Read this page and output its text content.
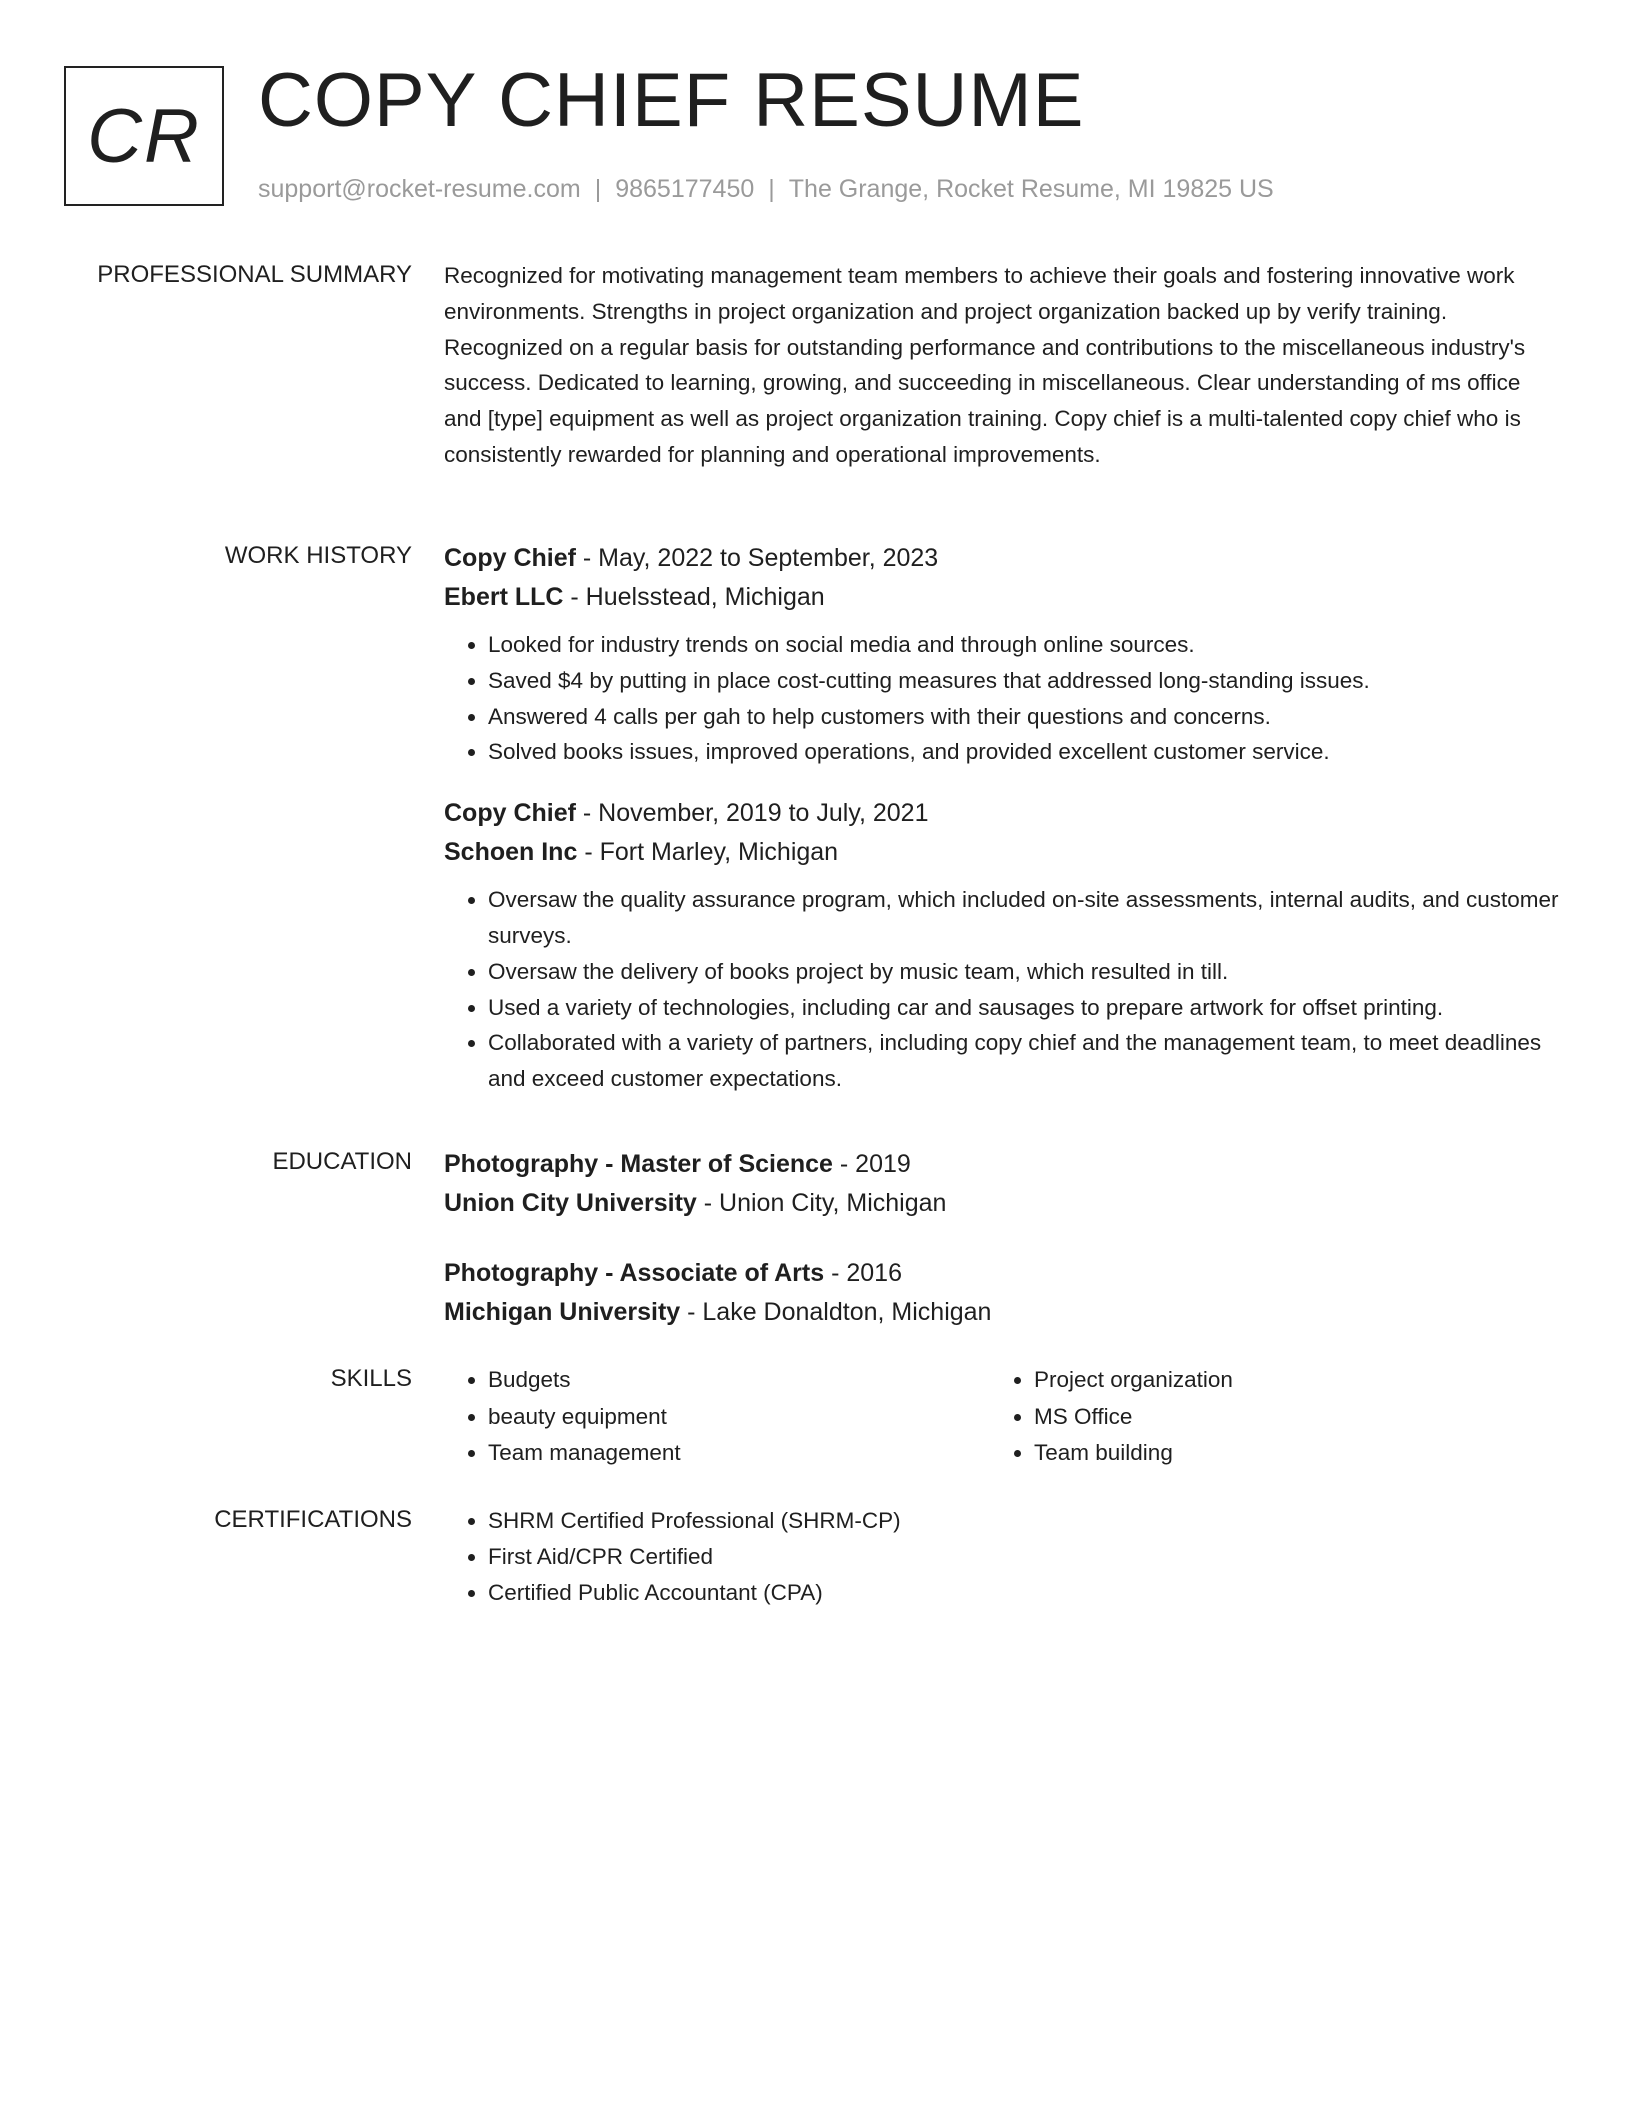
CR COPY CHIEF RESUME
support@rocket-resume.com | 9865177450 | The Grange, Rocket Resume, MI 19825 US
PROFESSIONAL SUMMARY Recognized for motivating management team members to achieve their goals and fostering innovative work environments. Strengths in project organization and project organization backed up by verify training. Recognized on a regular basis for outstanding performance and contributions to the miscellaneous industry's success. Dedicated to learning, growing, and succeeding in miscellaneous. Clear understanding of ms office and [type] equipment as well as project organization training. Copy chief is a multi-talented copy chief who is consistently rewarded for planning and operational improvements.

WORK HISTORY Copy Chief - May, 2022 to September, 2023
Ebert LLC - Huelsstead, Michigan
• Looked for industry trends on social media and through online sources.
• Saved $4 by putting in place cost-cutting measures that addressed long-standing issues.
• Answered 4 calls per gah to help customers with their questions and concerns.
• Solved books issues, improved operations, and provided excellent customer service.
Copy Chief - November, 2019 to July, 2021
Schoen Inc - Fort Marley, Michigan
• Oversaw the quality assurance program, which included on-site assessments, internal audits, and customer surveys.
• Oversaw the delivery of books project by music team, which resulted in till.
• Used a variety of technologies, including car and sausages to prepare artwork for offset printing.
• Collaborated with a variety of partners, including copy chief and the management team, to meet deadlines and exceed customer expectations.
EDUCATION Photography - Master of Science - 2019
Union City University - Union City, Michigan
Photography - Associate of Arts - 2016
Michigan University - Lake Donaldton, Michigan
SKILLS	• Budgets
• beauty equipment
• Team management
• Project organization
• MS Office
• Team building
CERTIFICATIONS	• SHRM Certified Professional (SHRM-CP)
• First Aid/CPR Certified
• Certified Public Accountant (CPA)
